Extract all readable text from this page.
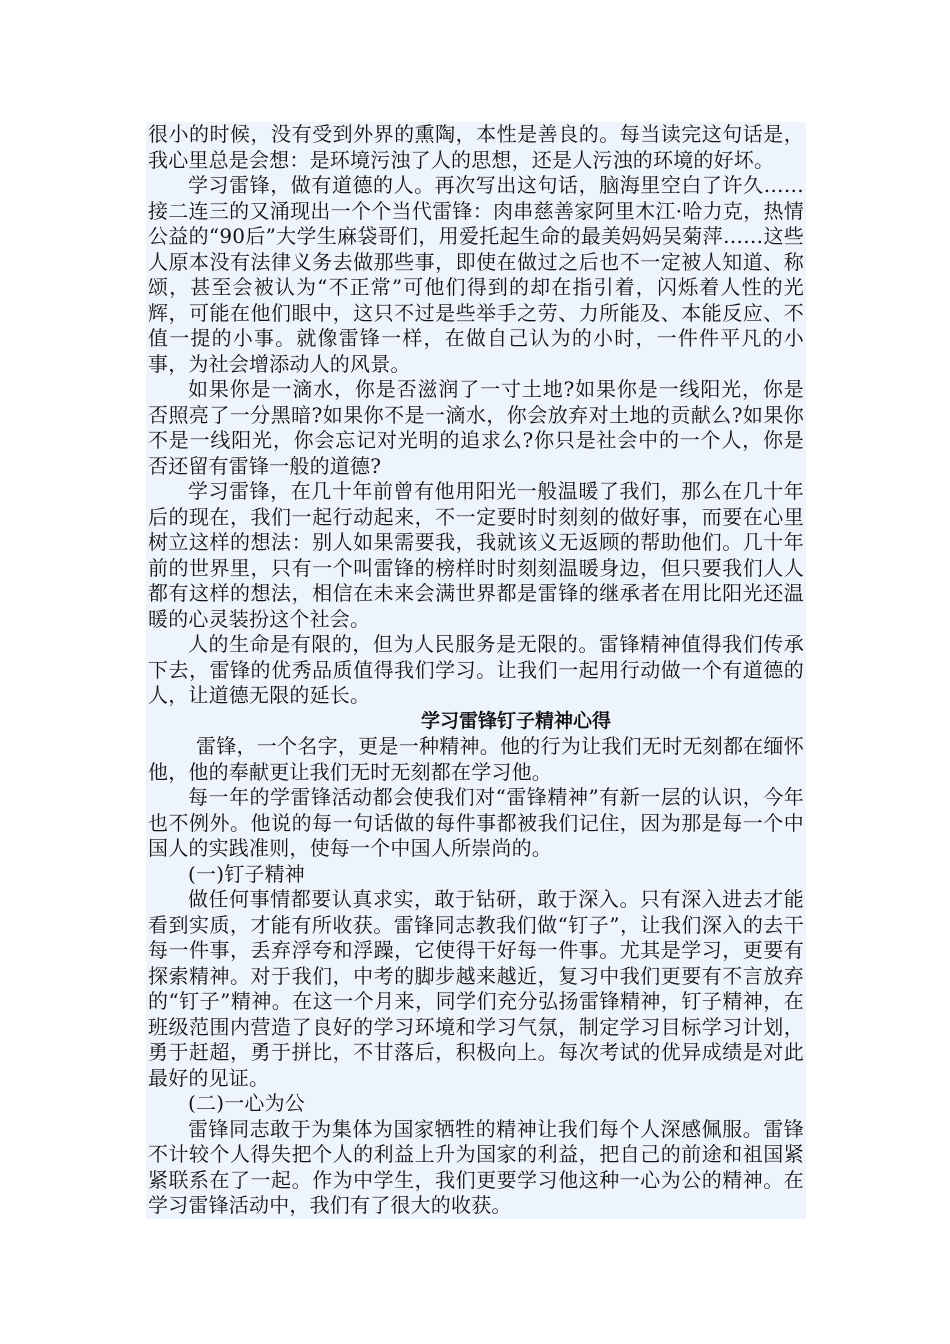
很小的时候，没有受到外界的熏陶，本性是善良的。每当读完这句话是，我心里总是会想：是环境污浊了人的思想，还是人污浊的环境的好坏。

学习雷锋，做有道德的人。再次写出这句话，脑海里空白了许久……接二连三的又涌现出一个个当代雷锋：肉串慈善家阿里木江·哈力克，热情公益的“90后”大学生麻袋哥们，用爱托起生命的最美妈妈吴菊萍……这些人原本没有法律义务去做那些事，即使在做过之后也不一定被人知道、称颂，甚至会被认为“不正常”可他们得到的却在指引着，闪烁着人性的光辉，可能在他们眼中，这只不过是些举手之劳、力所能及、本能反应、不值一提的小事。就像雷锋一样，在做自己认为的小时，一件件平凡的小事，为社会增添动人的风景。

如果你是一滴水，你是否滋润了一寸土地?如果你是一线阳光，你是否照亮了一分黑暗?如果你不是一滴水，你会放弃对土地的贡献么?如果你不是一线阳光，你会忘记对光明的追求么?你只是社会中的一个人，你是否还留有雷锋一般的道德?

学习雷锋，在几十年前曾有他用阳光一般温暖了我们，那么在几十年后的现在，我们一起行动起来，不一定要时时刻刻的做好事，而要在心里树立这样的想法：别人如果需要我，我就该义无返顾的帮助他们。几十年前的世界里，只有一个叫雷锋的榜样时时刻刻温暖身边，但只要我们人人都有这样的想法，相信在未来会满世界都是雷锋的继承者在用比阳光还温暖的心灵装扮这个社会。

人的生命是有限的，但为人民服务是无限的。雷锋精神值得我们传承下去，雷锋的优秀品质值得我们学习。让我们一起用行动做一个有道德的人，让道德无限的延长。

学习雷锋钉子精神心得

雷锋，一个名字，更是一种精神。他的行为让我们无时无刻都在缅怀他，他的奉献更让我们无时无刻都在学习他。

每一年的学雷锋活动都会使我们对“雷锋精神”有新一层的认识，今年也不例外。他说的每一句话做的每件事都被我们记住，因为那是每一个中国人的实践准则，使每一个中国人所崇尚的。

(一)钉子精神

做任何事情都要认真求实，敢于钻研，敢于深入。只有深入进去才能看到实质，才能有所收获。雷锋同志教我们做“钉子”，让我们深入的去干每一件事，丢弃浮夸和浮躁，它使得干好每一件事。尤其是学习，更要有探索精神。对于我们，中考的脚步越来越近，复习中我们更要有不言放弃的“钉子”精神。在这一个月来，同学们充分弘扬雷锋精神，钉子精神，在班级范围内营造了良好的学习环境和学习气氛，制定学习目标学习计划，勇于赶超，勇于拼比，不甘落后，积极向上。每次考试的优异成绩是对此最好的见证。

(二)一心为公

雷锋同志敢于为集体为国家牺牲的精神让我们每个人深感佩服。雷锋不计较个人得失把个人的利益上升为国家的利益，把自己的前途和祖国紧紧联系在了一起。作为中学生，我们更要学习他这种一心为公的精神。在学习雷锋活动中，我们有了很大的收获。
